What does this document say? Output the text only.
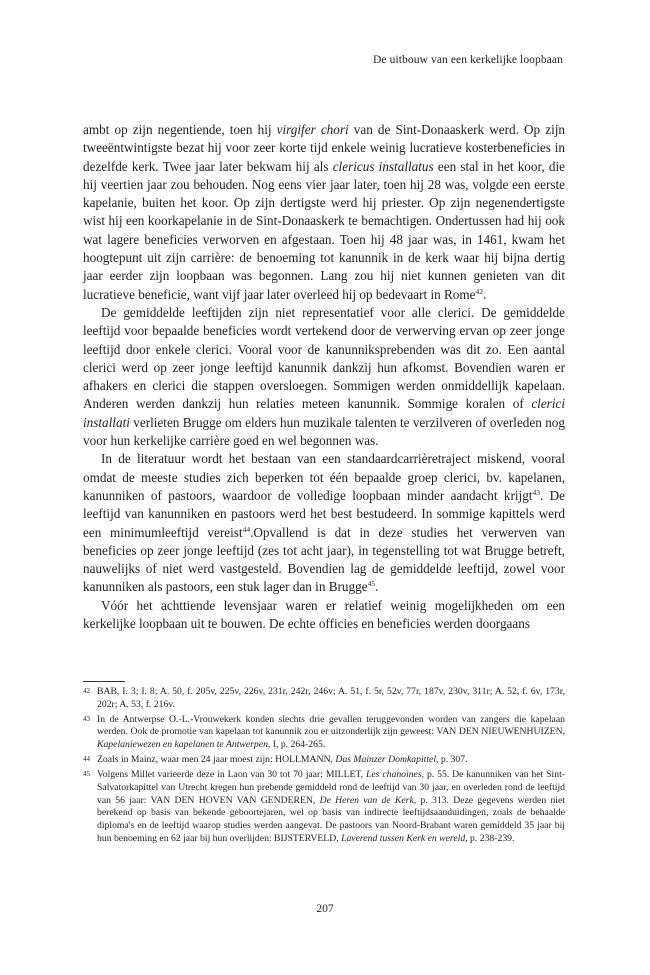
De uitbouw van een kerkelijke loopbaan

ambt op zijn negentiende, toen hij virgifer chori van de Sint-Donaaskerk werd. Op zijn tweeëntwintigste bezat hij voor zeer korte tijd enkele weinig lucratieve kosterbeneficies in dezelfde kerk. Twee jaar later bekwam hij als clericus installatus een stal in het koor, die hij veertien jaar zou behouden. Nog eens vier jaar later, toen hij 28 was, volgde een eerste kapelanie, buiten het koor. Op zijn dertigste werd hij priester. Op zijn negenendertigste wist hij een koorkapelanie in de Sint-Donaaskerk te bemachtigen. Ondertussen had hij ook wat lagere beneficies verworven en afgestaan. Toen hij 48 jaar was, in 1461, kwam het hoogtepunt uit zijn carrière: de benoeming tot kanunnik in de kerk waar hij bijna dertig jaar eerder zijn loopbaan was begonnen. Lang zou hij niet kunnen genieten van dit lucratieve beneficie, want vijf jaar later overleed hij op bedevaart in Rome$^{42}$.

De gemiddelde leeftijden zijn niet representatief voor alle clerici. De gemiddelde leeftijd voor bepaalde beneficies wordt vertekend door de verwerving ervan op zeer jonge leeftijd door enkele clerici. Vooral voor de kanunniksprebenden was dit zo. Een aantal clerici werd op zeer jonge leeftijd kanunnik dankzij hun afkomst. Bovendien waren er afhakers en clerici die stappen oversloegen. Sommigen werden onmiddellijk kapelaan. Anderen werden dankzij hun relaties meteen kanunnik. Sommige koralen of clerici installati verlieten Brugge om elders hun muzikale talenten te verzilveren of overleden nog voor hun kerkelijke carrière goed en wel begonnen was.

In de literatuur wordt het bestaan van een standaardcarrièretraject miskend, vooral omdat de meeste studies zich beperken tot één bepaalde groep clerici, bv. kapelanen, kanunniken of pastoors, waardoor de volledige loopbaan minder aandacht krijgt$^{43}$. De leeftijd van kanunniken en pastoors werd het best bestudeerd. In sommige kapittels werd een minimumleeftijd vereist$^{44}$.Opvallend is dat in deze studies het verwerven van beneficies op zeer jonge leeftijd (zes tot acht jaar), in tegenstelling tot wat Brugge betreft, nauwelijks of niet werd vastgesteld. Bovendien lag de gemiddelde leeftijd, zowel voor kanunniken als pastoors, een stuk lager dan in Brugge$^{45}$.

Vóór het achttiende levensjaar waren er relatief weinig mogelijkheden om een kerkelijke loopbaan uit te bouwen. De echte officies en beneficies werden doorgaans

42 BAB, I. 3; I. 8; A. 50, f. 205v, 225v, 226v, 231r, 242r, 246v; A. 51, f. 5r, 52v, 77r, 187v, 230v, 311r; A. 52, f. 6v, 173r, 202r; A. 53, f. 216v.
43 In de Antwerpse O.-L.-Vrouwekerk konden slechts drie gevallen teruggevonden worden van zangers die kapelaan werden. Ook de promotie van kapelaan tot kanunnik zou er uitzonderlijk zijn geweest: VAN DEN NIEUWENHUIZEN, Kapelaniewezen en kapelanen te Antwerpen, I, p. 264-265.
44 Zoals in Mainz, waar men 24 jaar moest zijn: HOLLMANN, Das Mainzer Domkapittel, p. 307.
45 Volgens Millet varieerde deze in Laon van 30 tot 70 jaar: MILLET, Les chanoines, p. 55. De kanunniken van het Sint-Salvatorkapittel van Utrecht kregen hun prebende gemiddeld rond de leeftijd van 30 jaar, en overleden rond de leeftijd van 56 jaar: VAN DEN HOVEN VAN GENDEREN, De Heren van de Kerk, p. 313. Deze gegevens werden niet berekend op basis van bekende geboortejaren, wel op basis van indirecte leeftijdsaanduidingen, zoals de behaalde diploma's en de leeftijd waarop studies werden aangevat. De pastoors van Noord-Brabant waren gemiddeld 35 jaar bij hun benoeming en 62 jaar bij hun overlijden: BIJSTERVELD, Laverend tussen Kerk en wereld, p. 238-239.
207
